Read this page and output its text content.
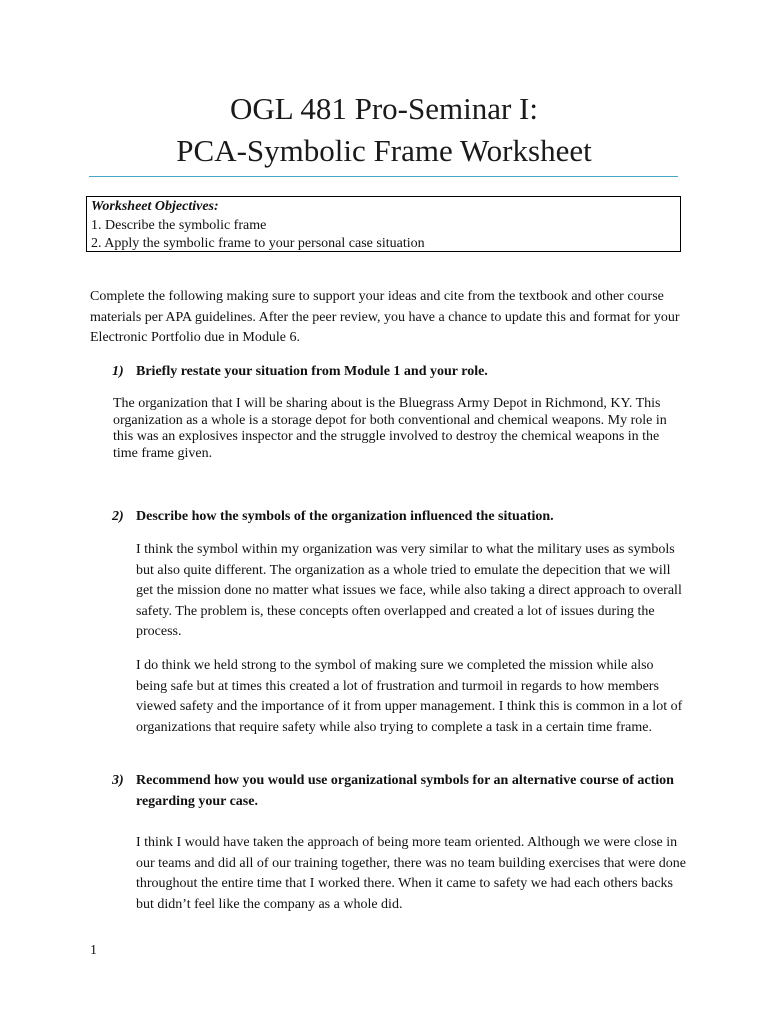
OGL 481 Pro-Seminar I:
PCA-Symbolic Frame Worksheet
Worksheet Objectives:
1. Describe the symbolic frame
2. Apply the symbolic frame to your personal case situation
Complete the following making sure to support your ideas and cite from the textbook and other course materials per APA guidelines. After the peer review, you have a chance to update this and format for your Electronic Portfolio due in Module 6.
1) Briefly restate your situation from Module 1 and your role.
The organization that I will be sharing about is the Bluegrass Army Depot in Richmond, KY. This organization as a whole is a storage depot for both conventional and chemical weapons. My role in this was an explosives inspector and the struggle involved to destroy the chemical weapons in the time frame given.
2) Describe how the symbols of the organization influenced the situation.
I think the symbol within my organization was very similar to what the military uses as symbols but also quite different. The organization as a whole tried to emulate the depecition that we will get the mission done no matter what issues we face, while also taking a direct approach to overall safety. The problem is, these concepts often overlapped and created a lot of issues during the process.
I do think we held strong to the symbol of making sure we completed the mission while also being safe but at times this created a lot of frustration and turmoil in regards to how members viewed safety and the importance of it from upper management. I think this is common in a lot of organizations that require safety while also trying to complete a task in a certain time frame.
3) Recommend how you would use organizational symbols for an alternative course of action regarding your case.
I think I would have taken the approach of being more team oriented. Although we were close in our teams and did all of our training together, there was no team building exercises that were done throughout the entire time that I worked there. When it came to safety we had each others backs but didn’t feel like the company as a whole did.
1
